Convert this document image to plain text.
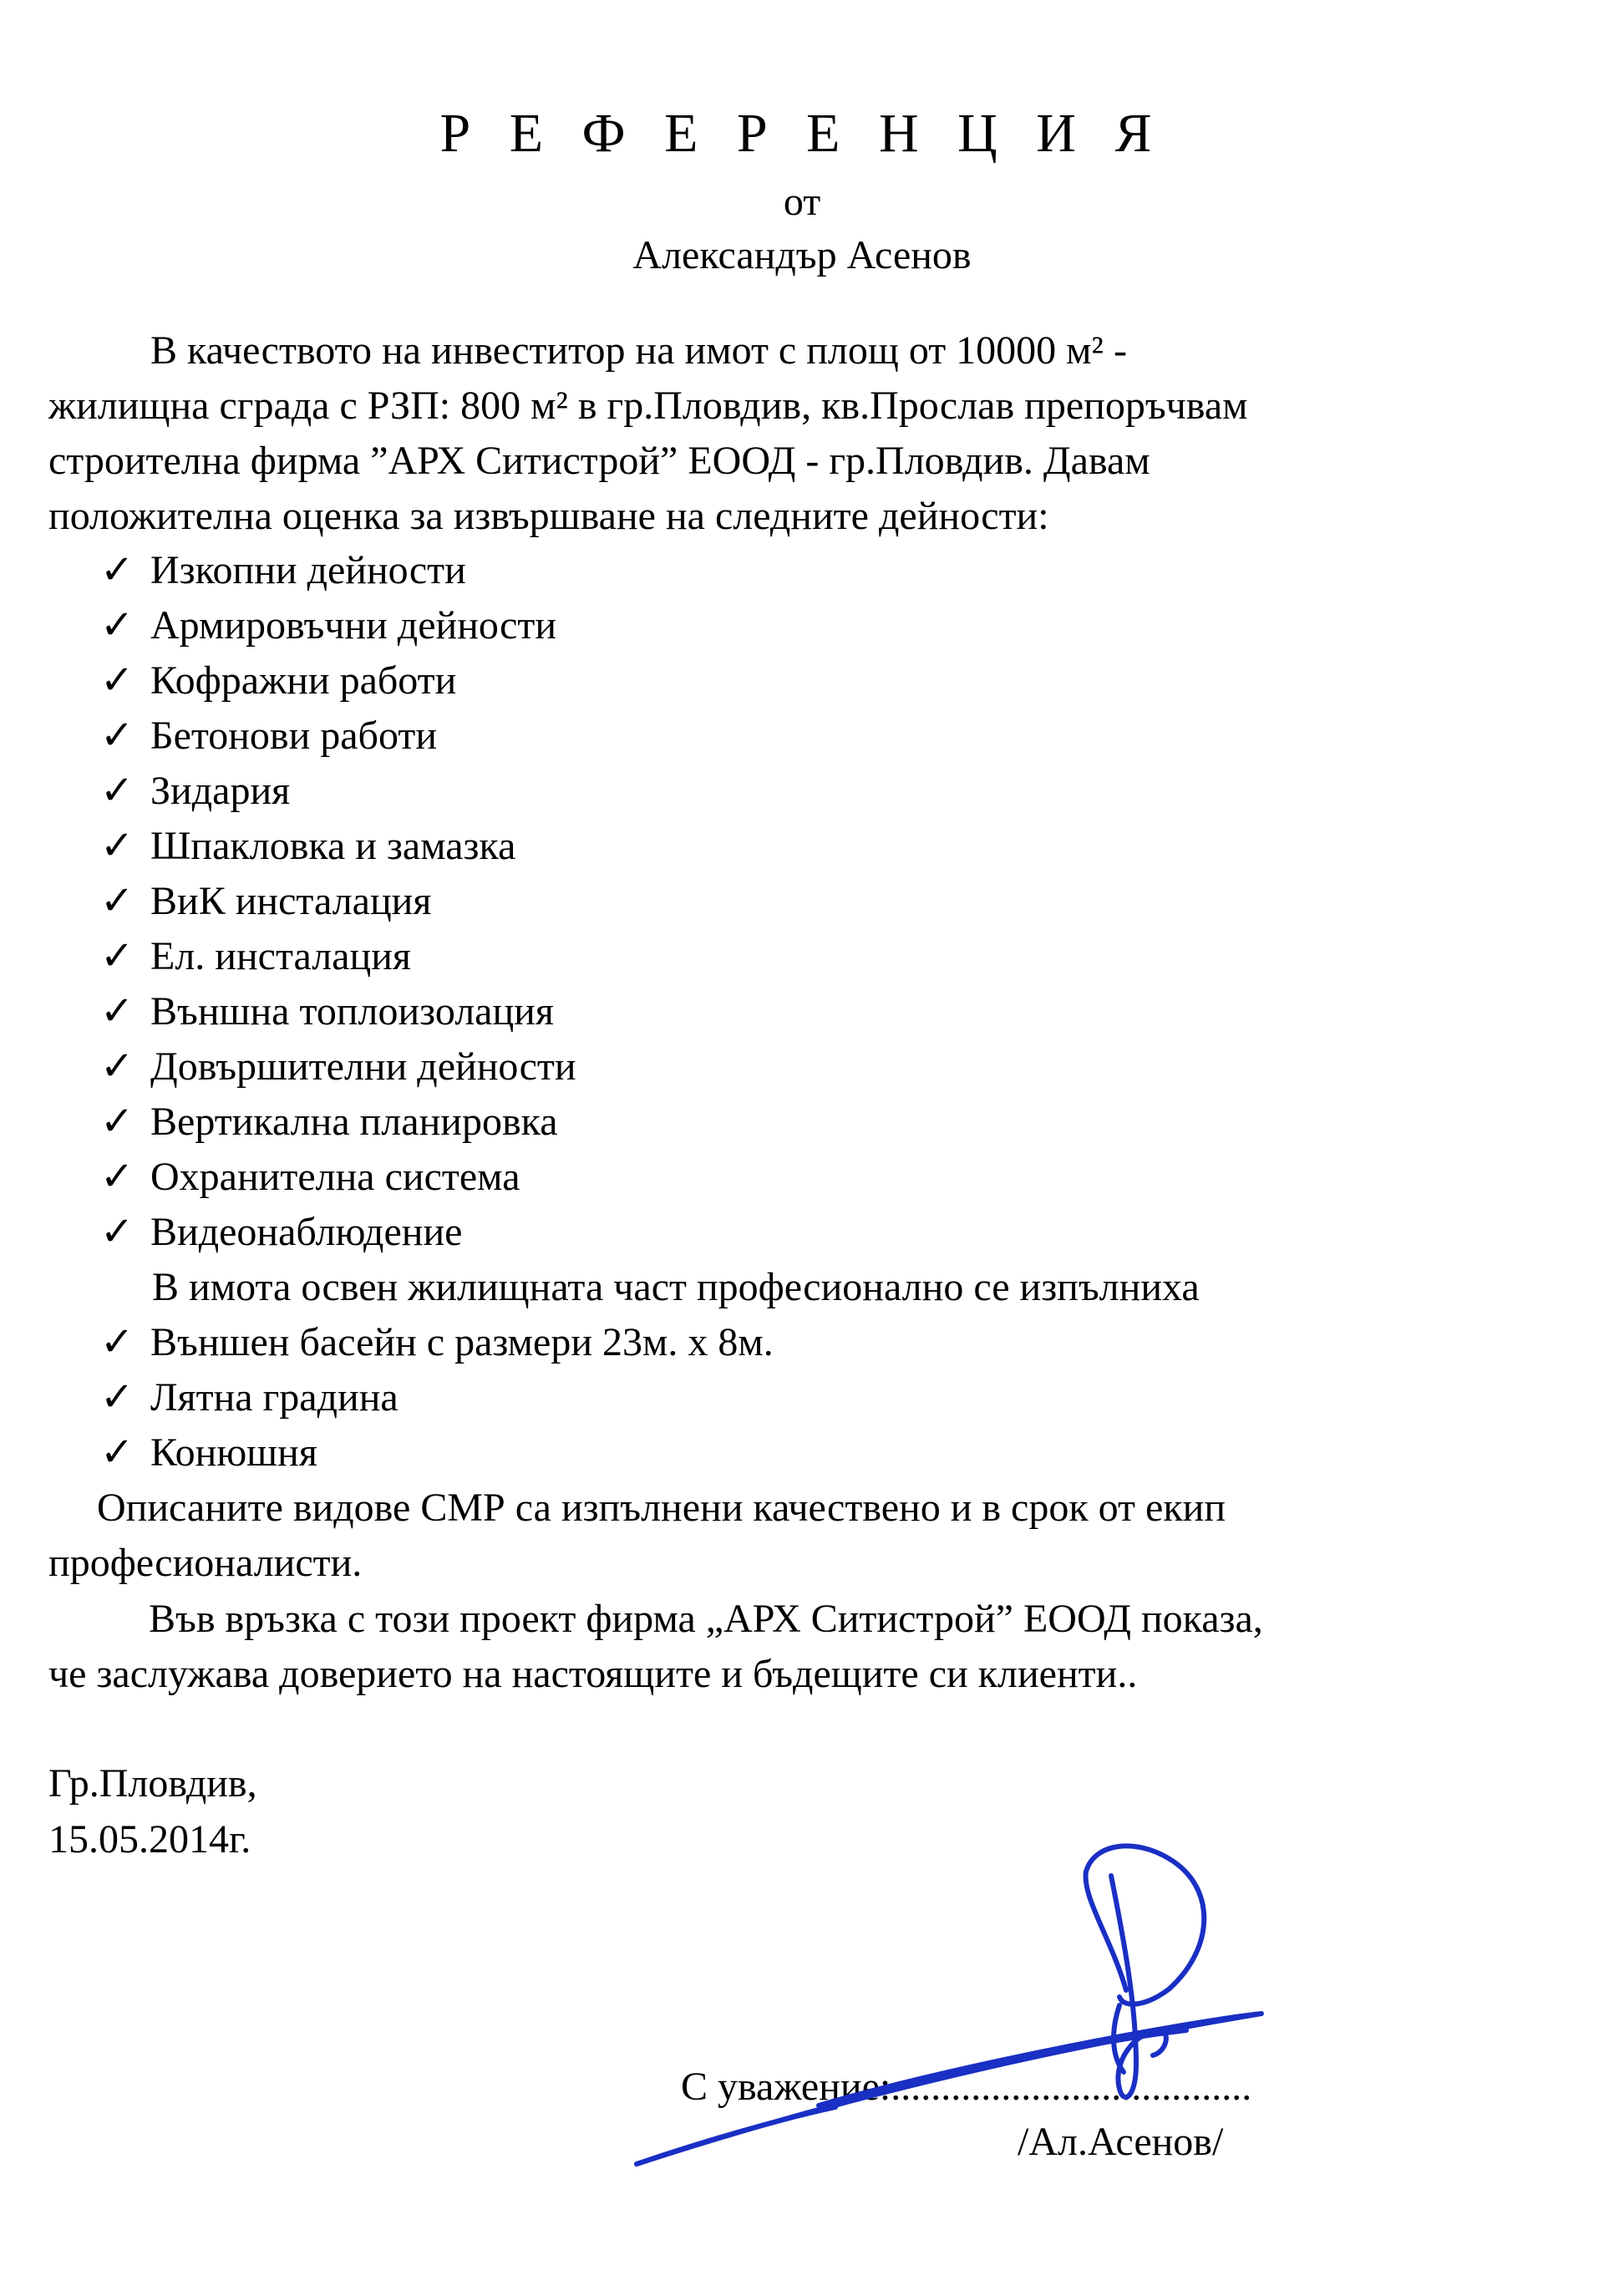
Р Е Ф Е Р Е Н Ц И Я
от
Александър Асенов
В качеството на инвеститор на имот с площ от 10000 м² -
жилищна сграда с РЗП: 800 м² в гр.Пловдив, кв.Прослав препоръчвам
строителна фирма ”АРХ Ситистрой” ЕООД - гр.Пловдив. Давам
положителна оценка за извършване на следните дейности:
✓ Изкопни дейности
✓ Армировъчни дейности
✓ Кофражни работи
✓ Бетонови работи
✓ Зидария
✓ Шпакловка и замазка
✓ ВиК инсталация
✓ Ел. инсталация
✓ Външна топлоизолация
✓ Довършителни дейности
✓ Вертикална планировка
✓ Охранителна система
✓ Видеонаблюдение
В имота освен жилищната част професионално се изпълниха
✓ Външен басейн с размери 23м. х 8м.
✓ Лятна градина
✓ Конюшня
Описаните видове СМР са изпълнени качествено и в срок от екип
професионалисти.
Във връзка с този проект фирма „АРХ Ситистрой” ЕООД показа,
че заслужава доверието на настоящите и бъдещите си клиенти..
Гр.Пловдив,
15.05.2014г.
С уважение:....................................
/Ал.Асенов/
